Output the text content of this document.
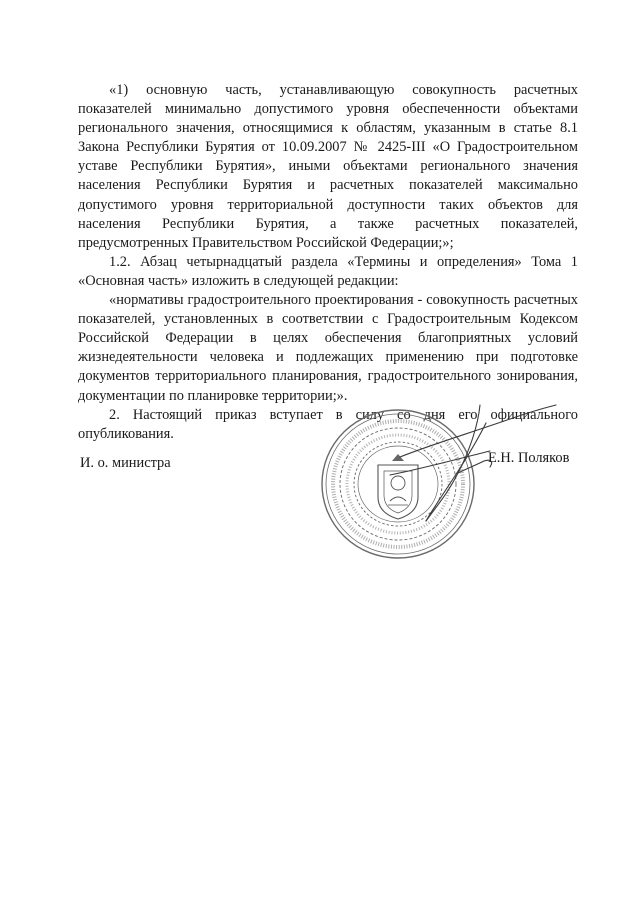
«1) основную часть, устанавливающую совокупность расчетных показателей минимально допустимого уровня обеспеченности объектами регионального значения, относящимися к областям, указанным в статье 8.1 Закона Республики Бурятия от 10.09.2007 № 2425-III «О Градостроительном уставе Республики Бурятия», иными объектами регионального значения населения Республики Бурятия и расчетных показателей максимально допустимого уровня территориальной доступности таких объектов для населения Республики Бурятия, а также расчетных показателей, предусмотренных Правительством Российской Федерации;»;

1.2. Абзац четырнадцатый раздела «Термины и определения» Тома 1 «Основная часть» изложить в следующей редакции:

«нормативы градостроительного проектирования - совокупность расчетных показателей, установленных в соответствии с Градостроительным Кодексом Российской Федерации в целях обеспечения благоприятных условий жизнедеятельности человека и подлежащих применению при подготовке документов территориального планирования, градостроительного зонирования, документации по планировке территории;».

2. Настоящий приказ вступает в силу со дня его официального опубликования.

И. о. министра	Е.Н. Поляков
